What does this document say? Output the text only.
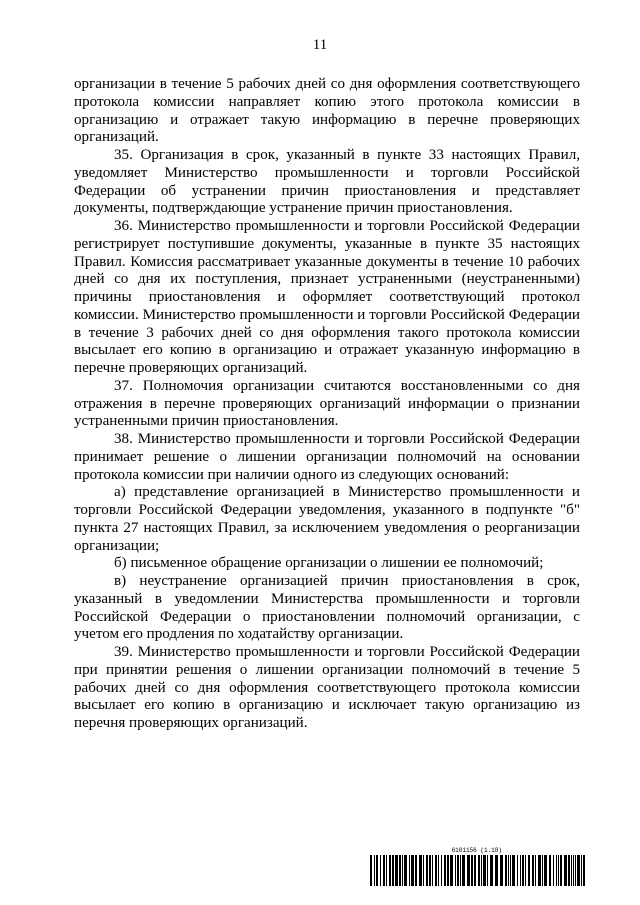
11

организации в течение 5 рабочих дней со дня оформления соответствующего протокола комиссии направляет копию этого протокола комиссии в организацию и отражает такую информацию в перечне проверяющих организаций.

35. Организация в срок, указанный в пункте 33 настоящих Правил, уведомляет Министерство промышленности и торговли Российской Федерации об устранении причин приостановления и представляет документы, подтверждающие устранение причин приостановления.

36. Министерство промышленности и торговли Российской Федерации регистрирует поступившие документы, указанные в пункте 35 настоящих Правил. Комиссия рассматривает указанные документы в течение 10 рабочих дней со дня их поступления, признает устраненными (неустраненными) причины приостановления и оформляет соответствующий протокол комиссии. Министерство промышленности и торговли Российской Федерации в течение 3 рабочих дней со дня оформления такого протокола комиссии высылает его копию в организацию и отражает указанную информацию в перечне проверяющих организаций.

37. Полномочия организации считаются восстановленными со дня отражения в перечне проверяющих организаций информации о признании устраненными причин приостановления.

38. Министерство промышленности и торговли Российской Федерации принимает решение о лишении организации полномочий на основании протокола комиссии при наличии одного из следующих оснований:

а) представление организацией в Министерство промышленности и торговли Российской Федерации уведомления, указанного в подпункте "б" пункта 27 настоящих Правил, за исключением уведомления о реорганизации организации;

б) письменное обращение организации о лишении ее полномочий;

в) неустранение организацией причин приостановления в срок, указанный в уведомлении Министерства промышленности и торговли Российской Федерации о приостановлении полномочий организации, с учетом его продления по ходатайству организации.

39. Министерство промышленности и торговли Российской Федерации при принятии решения о лишении организации полномочий в течение 5 рабочих дней со дня оформления соответствующего протокола комиссии высылает его копию в организацию и исключает такую организацию из перечня проверяющих организаций.

6101156 (1.18)
